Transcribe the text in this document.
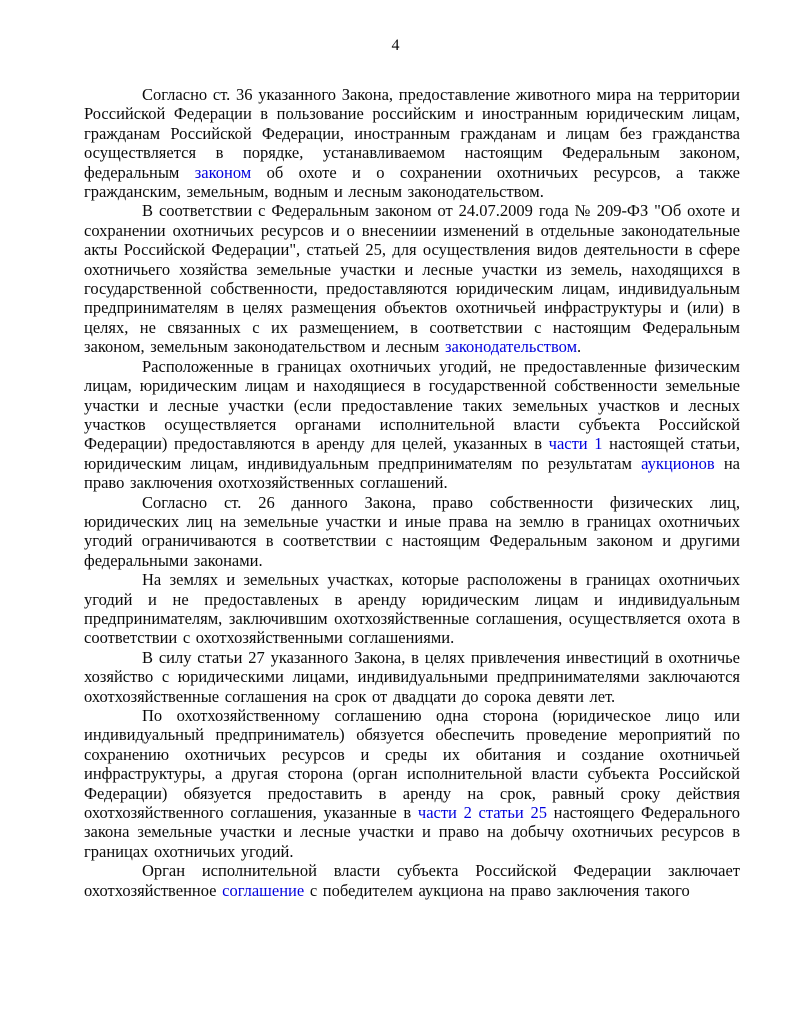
4

Согласно ст. 36 указанного Закона, предоставление животного мира на территории Российской Федерации в пользование российским и иностранным юридическим лицам, гражданам Российской Федерации, иностранным гражданам и лицам без гражданства осуществляется в порядке, устанавливаемом настоящим Федеральным законом, федеральным законом об охоте и о сохранении охотничьих ресурсов, а также гражданским, земельным, водным и лесным законодательством.

В соответствии с Федеральным законом от 24.07.2009 года № 209-ФЗ "Об охоте и сохранении охотничьих ресурсов и о внесениии изменений в отдельные законодательные акты Российской Федерации", статьей 25, для осуществления видов деятельности в сфере охотничьего хозяйства земельные участки и лесные участки из земель, находящихся в государственной собственности, предоставляются юридическим лицам, индивидуальным предпринимателям в целях размещения объектов охотничьей инфраструктуры и (или) в целях, не связанных с их размещением, в соответствии с настоящим Федеральным законом, земельным законодательством и лесным законодательством.

Расположенные в границах охотничьих угодий, не предоставленные физическим лицам, юридическим лицам и находящиеся в государственной собственности земельные участки и лесные участки (если предоставление таких земельных участков и лесных участков осуществляется органами исполнительной власти субъекта Российской Федерации) предоставляются в аренду для целей, указанных в части 1 настоящей статьи, юридическим лицам, индивидуальным предпринимателям по результатам аукционов на право заключения охотхозяйственных соглашений.

Согласно ст. 26 данного Закона, право собственности физических лиц, юридических лиц на земельные участки и иные права на землю в границах охотничьих угодий ограничиваются в соответствии с настоящим Федеральным законом и другими федеральными законами.

На землях и земельных участках, которые расположены в границах охотничьих угодий и не предоставленых в аренду юридическим лицам и индивидуальным предпринимателям, заключившим охотхозяйственные соглашения, осуществляется охота в соответствии с охотхозяйственными соглашениями.

В силу статьи 27 указанного Закона, в целях привлечения инвестиций в охотничье хозяйство с юридическими лицами, индивидуальными предпринимателями заключаются охотхозяйственные соглашения на срок от двадцати до сорока девяти лет.

По охотхозяйственному соглашению одна сторона (юридическое лицо или индивидуальный предприниматель) обязуется обеспечить проведение мероприятий по сохранению охотничьих ресурсов и среды их обитания и создание охотничьей инфраструктуры, а другая сторона (орган исполнительной власти субъекта Российской Федерации) обязуется предоставить в аренду на срок, равный сроку действия охотхозяйственного соглашения, указанные в части 2 статьи 25 настоящего Федерального закона земельные участки и лесные участки и право на добычу охотничьих ресурсов в границах охотничьих угодий.

Орган исполнительной власти субъекта Российской Федерации заключает охотхозяйственное соглашение с победителем аукциона на право заключения такого
